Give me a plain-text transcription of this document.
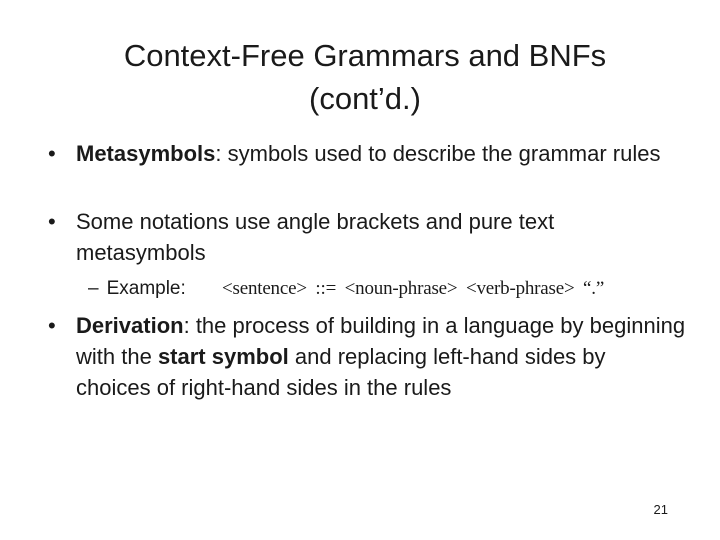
Context-Free Grammars and BNFs
(cont’d.)
• Metasymbols: symbols used to describe the grammar rules
• Some notations use angle brackets and pure text metasymbols
– Example: <sentence> ::= <noun-phrase> <verb-phrase> “.”
• Derivation: the process of building in a language by beginning with the start symbol and replacing left-hand sides by choices of right-hand sides in the rules
21
